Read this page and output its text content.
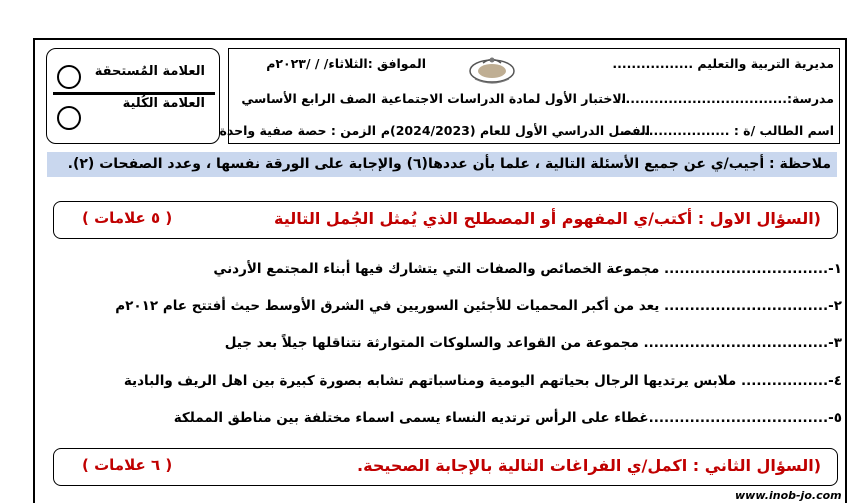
مديرية التربية والتعليم .................
الموافق :الثلاثاء/ / /٢٠٢٣م
مدرسة:....................................
الاختبار الأول لمادة الدراسات الاجتماعية
الصف الرابع الأساسي
اسم الطالب /ة : .......................
الفصل الدراسي الأول للعام (2024/2023)م
الزمن : حصة صفية واحدة
العلامة المُستحقة
العلامة الكُلية
ملاحظة : أجيب/ي عن جميع الأسئلة التالية ، علما بأن عددها(٦) والإجابة على الورقة نفسها ، وعدد الصفحات (٢).
(السؤال الاول : أكتب/ي المفهوم أو المصطلح الذي يُمثل الجُمل التالية
( ٥ علامات )
١-................................ مجموعة الخصائص والصفات التي يتشارك فيها أبناء المجتمع الأردني
٢-................................ يعد من أكبر المحميات للأجئين السوريين في الشرق الأوسط حيث أفتتح عام ٢٠١٢م
٣-.................................... مجموعة من القواعد والسلوكات المتوارثة نتناقلها جيلاً بعد جيل
٤-................. ملابس يرتديها الرجال بحياتهم اليومية ومناسباتهم تشابه بصورة كبيرة بين اهل الريف والبادية
٥-...................................غطاء على الرأس ترتديه النساء يسمى اسماء مختلفة بين مناطق المملكة
(السؤال الثاني : اكمل/ي الفراغات التالية بالإجابة الصحيحة.
( ٦ علامات )
www.inob-jo.com
